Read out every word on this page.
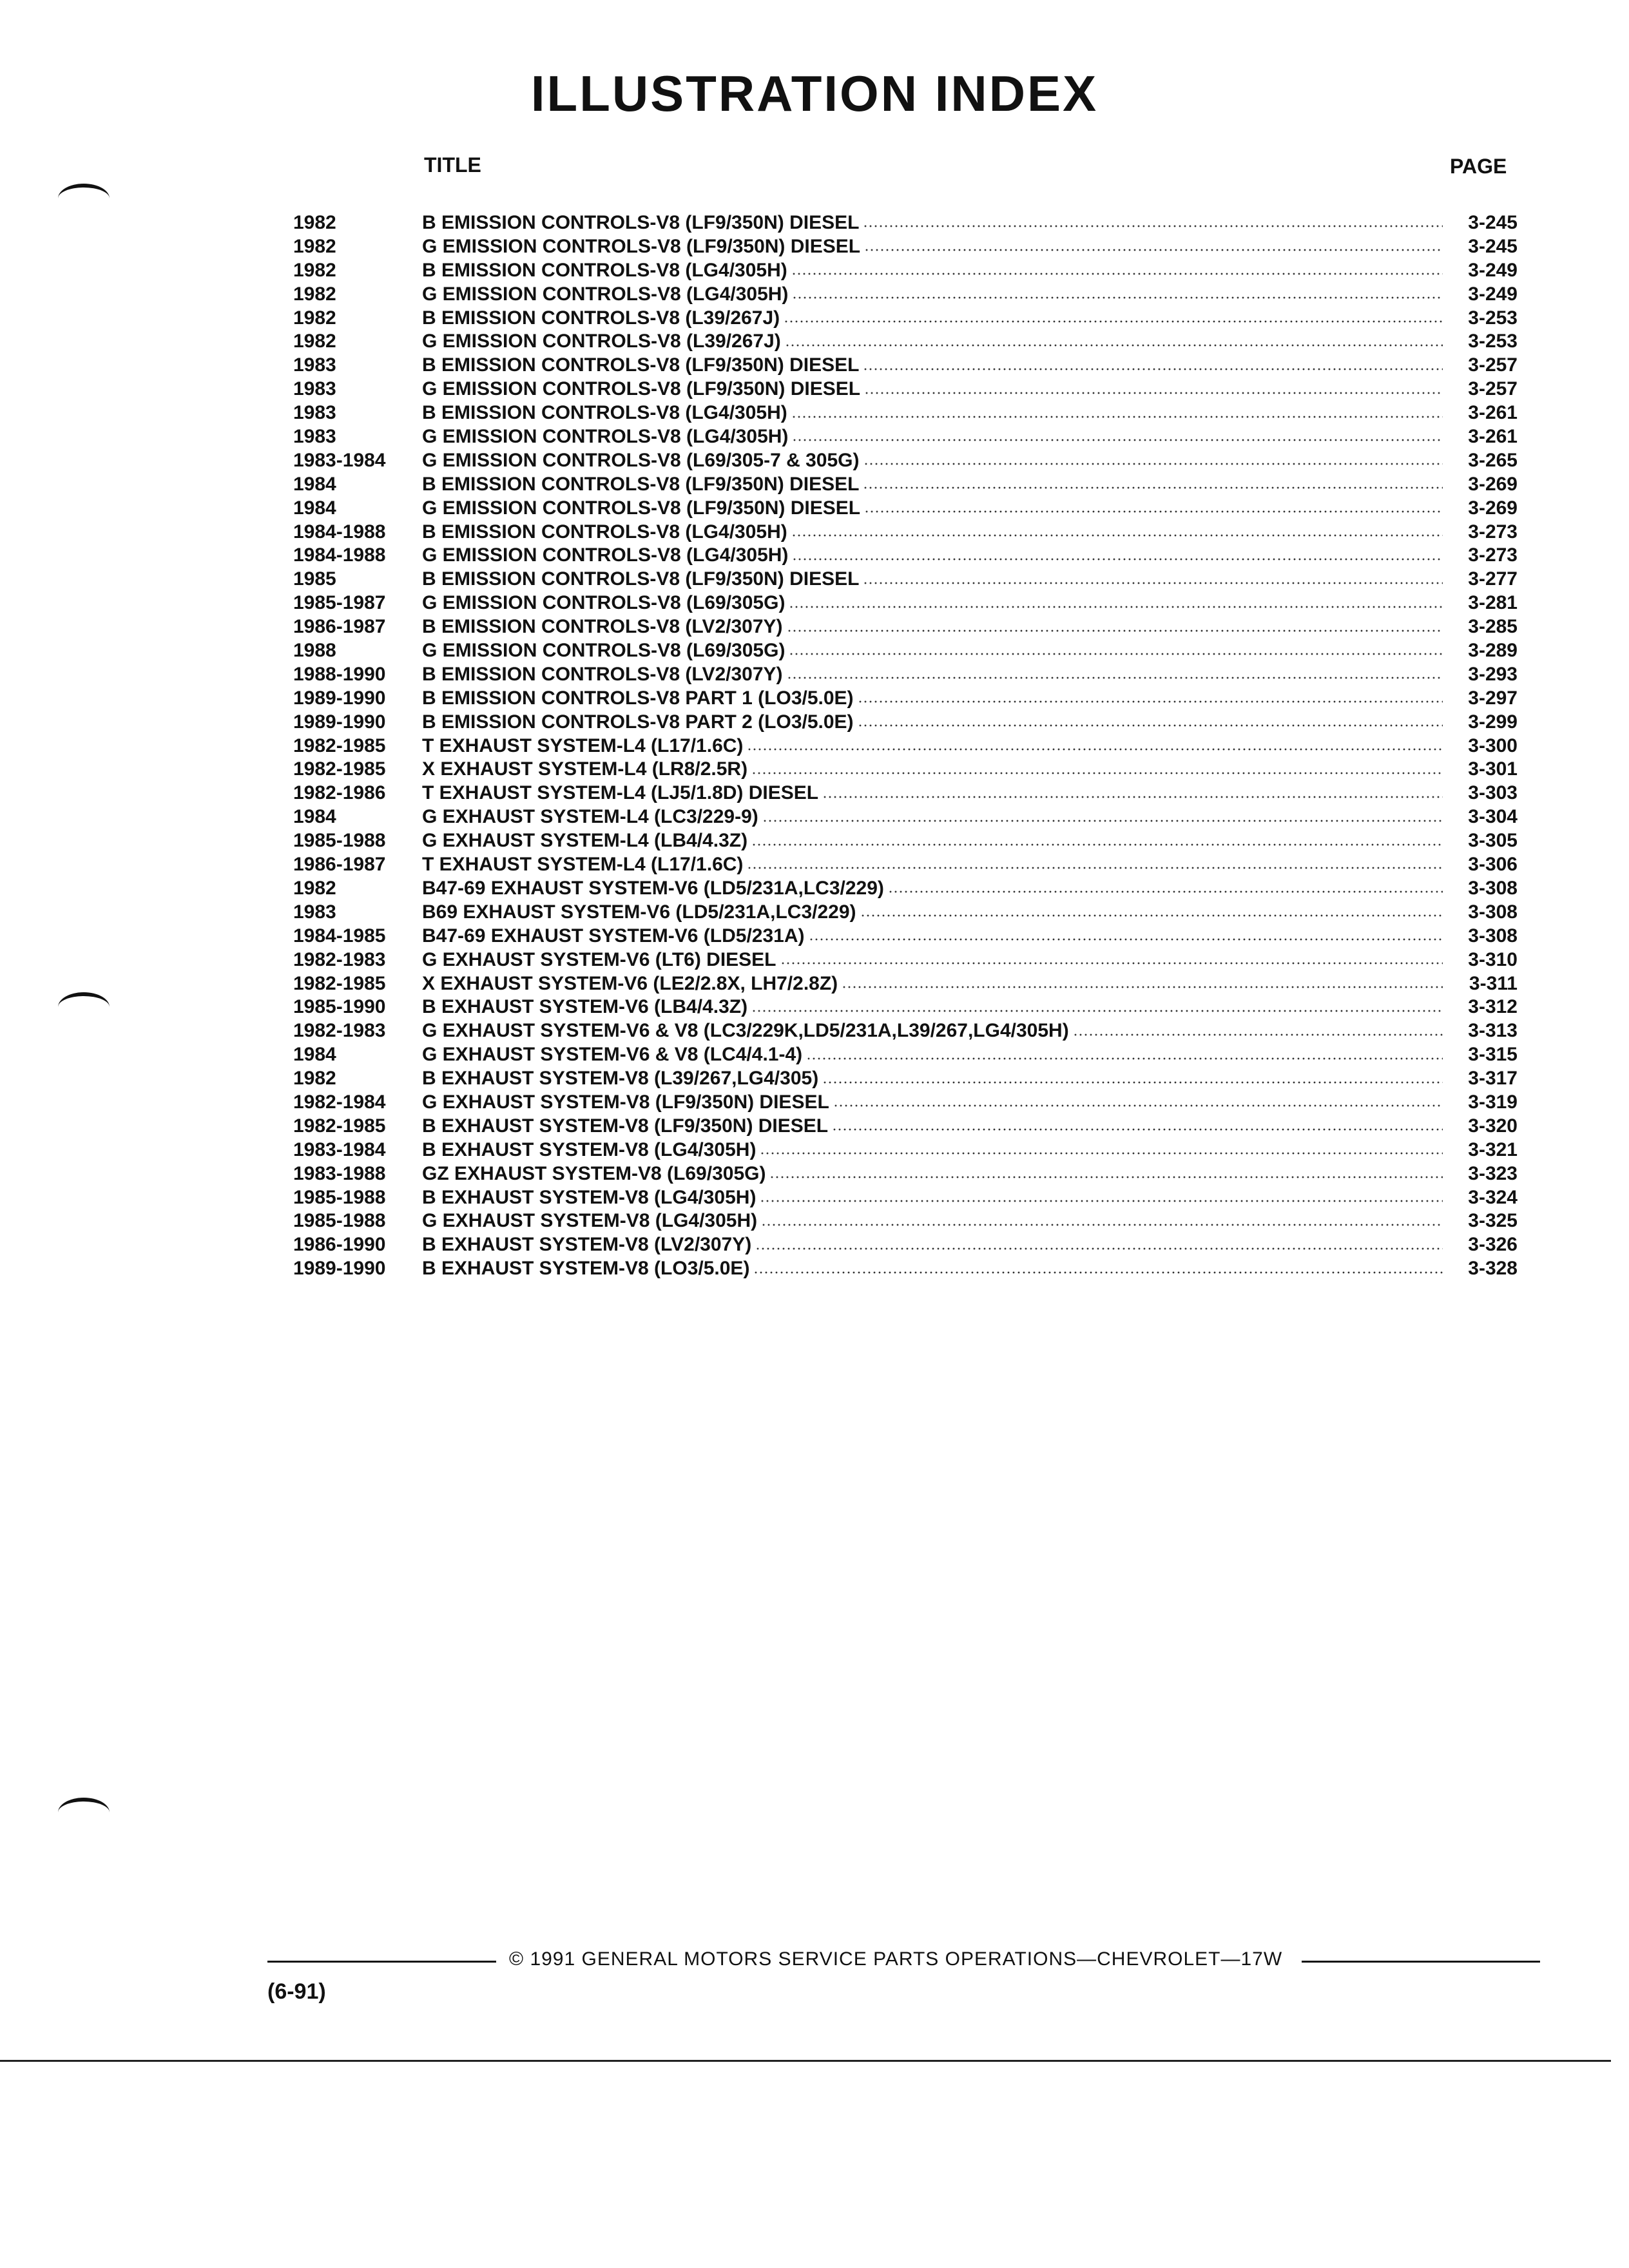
ILLUSTRATION INDEX
TITLE	PAGE
1982	B EMISSION CONTROLS-V8 (LF9/350N) DIESEL	3-245
1982	G EMISSION CONTROLS-V8 (LF9/350N) DIESEL	3-245
1982	B EMISSION CONTROLS-V8 (LG4/305H)	3-249
1982	G EMISSION CONTROLS-V8 (LG4/305H)	3-249
1982	B EMISSION CONTROLS-V8 (L39/267J)	3-253
1982	G EMISSION CONTROLS-V8 (L39/267J)	3-253
1983	B EMISSION CONTROLS-V8 (LF9/350N) DIESEL	3-257
1983	G EMISSION CONTROLS-V8 (LF9/350N) DIESEL	3-257
1983	B EMISSION CONTROLS-V8 (LG4/305H)	3-261
1983	G EMISSION CONTROLS-V8 (LG4/305H)	3-261
1983-1984	G EMISSION CONTROLS-V8 (L69/305-7 & 305G)	3-265
1984	B EMISSION CONTROLS-V8 (LF9/350N) DIESEL	3-269
1984	G EMISSION CONTROLS-V8 (LF9/350N) DIESEL	3-269
1984-1988	B EMISSION CONTROLS-V8 (LG4/305H)	3-273
1984-1988	G EMISSION CONTROLS-V8 (LG4/305H)	3-273
1985	B EMISSION CONTROLS-V8 (LF9/350N) DIESEL	3-277
1985-1987	G EMISSION CONTROLS-V8 (L69/305G)	3-281
1986-1987	B EMISSION CONTROLS-V8 (LV2/307Y)	3-285
1988	G EMISSION CONTROLS-V8 (L69/305G)	3-289
1988-1990	B EMISSION CONTROLS-V8 (LV2/307Y)	3-293
1989-1990	B EMISSION CONTROLS-V8 PART 1 (LO3/5.0E)	3-297
1989-1990	B EMISSION CONTROLS-V8 PART 2 (LO3/5.0E)	3-299
1982-1985	T EXHAUST SYSTEM-L4 (L17/1.6C)	3-300
1982-1985	X EXHAUST SYSTEM-L4 (LR8/2.5R)	3-301
1982-1986	T EXHAUST SYSTEM-L4 (LJ5/1.8D) DIESEL	3-303
1984	G EXHAUST SYSTEM-L4 (LC3/229-9)	3-304
1985-1988	G EXHAUST SYSTEM-L4 (LB4/4.3Z)	3-305
1986-1987	T EXHAUST SYSTEM-L4 (L17/1.6C)	3-306
1982	B47-69 EXHAUST SYSTEM-V6 (LD5/231A,LC3/229)	3-308
1983	B69 EXHAUST SYSTEM-V6 (LD5/231A,LC3/229)	3-308
1984-1985	B47-69 EXHAUST SYSTEM-V6 (LD5/231A)	3-308
1982-1983	G EXHAUST SYSTEM-V6 (LT6) DIESEL	3-310
1982-1985	X EXHAUST SYSTEM-V6 (LE2/2.8X, LH7/2.8Z)	3-311
1985-1990	B EXHAUST SYSTEM-V6 (LB4/4.3Z)	3-312
1982-1983	G EXHAUST SYSTEM-V6 & V8 (LC3/229K,LD5/231A,L39/267,LG4/305H)	3-313
1984	G EXHAUST SYSTEM-V6 & V8 (LC4/4.1-4)	3-315
1982	B EXHAUST SYSTEM-V8 (L39/267,LG4/305)	3-317
1982-1984	G EXHAUST SYSTEM-V8 (LF9/350N) DIESEL	3-319
1982-1985	B EXHAUST SYSTEM-V8 (LF9/350N) DIESEL	3-320
1983-1984	B EXHAUST SYSTEM-V8 (LG4/305H)	3-321
1983-1988	GZ EXHAUST SYSTEM-V8 (L69/305G)	3-323
1985-1988	B EXHAUST SYSTEM-V8 (LG4/305H)	3-324
1985-1988	G EXHAUST SYSTEM-V8 (LG4/305H)	3-325
1986-1990	B EXHAUST SYSTEM-V8 (LV2/307Y)	3-326
1989-1990	B EXHAUST SYSTEM-V8 (LO3/5.0E)	3-328
© 1991 GENERAL MOTORS SERVICE PARTS OPERATIONS—CHEVROLET—17W
(6-91)
